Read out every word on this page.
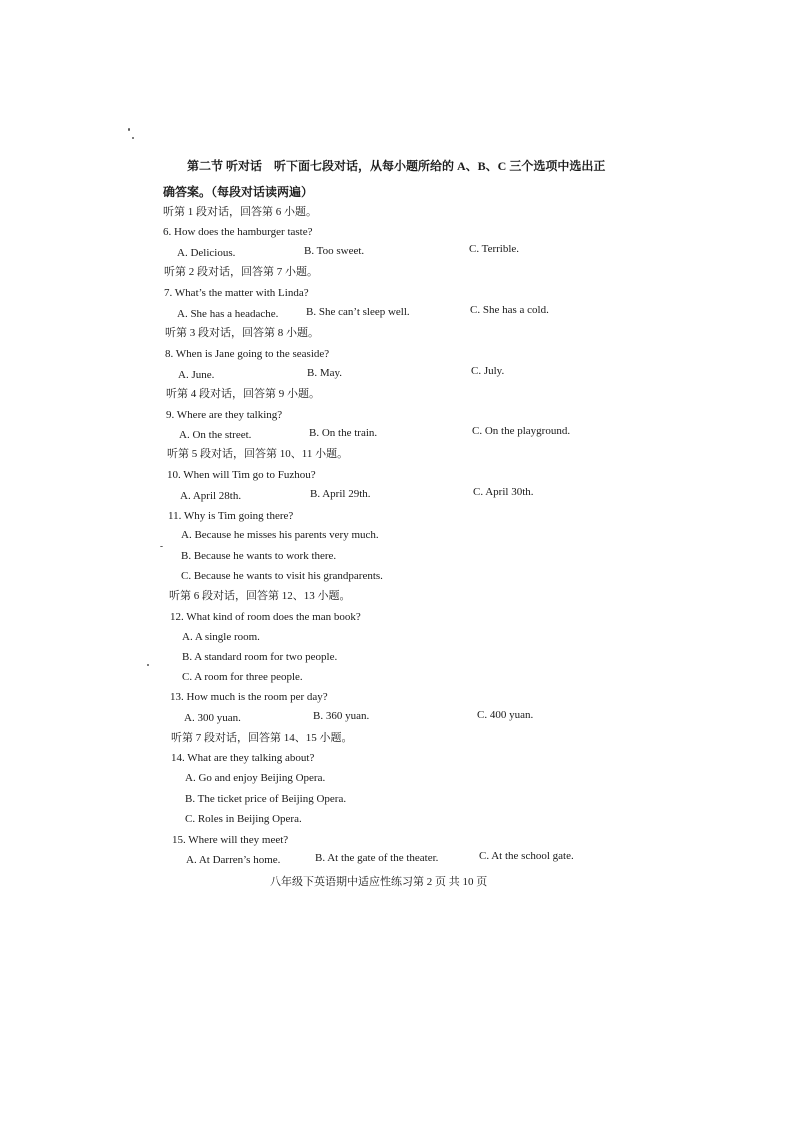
第二节 听对话　听下面七段对话，从每小题所给的 A、B、C 三个选项中选出正
确答案。（每段对话读两遍）
听第 1 段对话，回答第 6 小题。
6. How does the hamburger taste?
A. Delicious.	B. Too sweet.	C. Terrible.
听第 2 段对话，回答第 7 小题。
7. What’s the matter with Linda?
A. She has a headache.	B. She can’t sleep well.	C. She has a cold.
听第 3 段对话，回答第 8 小题。
8. When is Jane going to the seaside?
A. June.	B. May.	C. July.
听第 4 段对话，回答第 9 小题。
9. Where are they talking?
A. On the street.	B. On the train.	C. On the playground.
听第 5 段对话，回答第 10、11 小题。
10. When will Tim go to Fuzhou?
A. April 28th.	B. April 29th.	C. April 30th.
11. Why is Tim going there?
A. Because he misses his parents very much.
B. Because he wants to work there.
C. Because he wants to visit his grandparents.
听第 6 段对话，回答第 12、13 小题。
12. What kind of room does the man book?
A. A single room.
B. A standard room for two people.
C. A room for three people.
13. How much is the room per day?
A. 300 yuan.	B. 360 yuan.	C. 400 yuan.
听第 7 段对话，回答第 14、15 小题。
14. What are they talking about?
A. Go and enjoy Beijing Opera.
B. The ticket price of Beijing Opera.
C. Roles in Beijing Opera.
15. Where will they meet?
A. At Darren’s home.	B. At the gate of the theater.	C. At the school gate.
八年级下英语期中适应性练习第 2 页 共 10 页
